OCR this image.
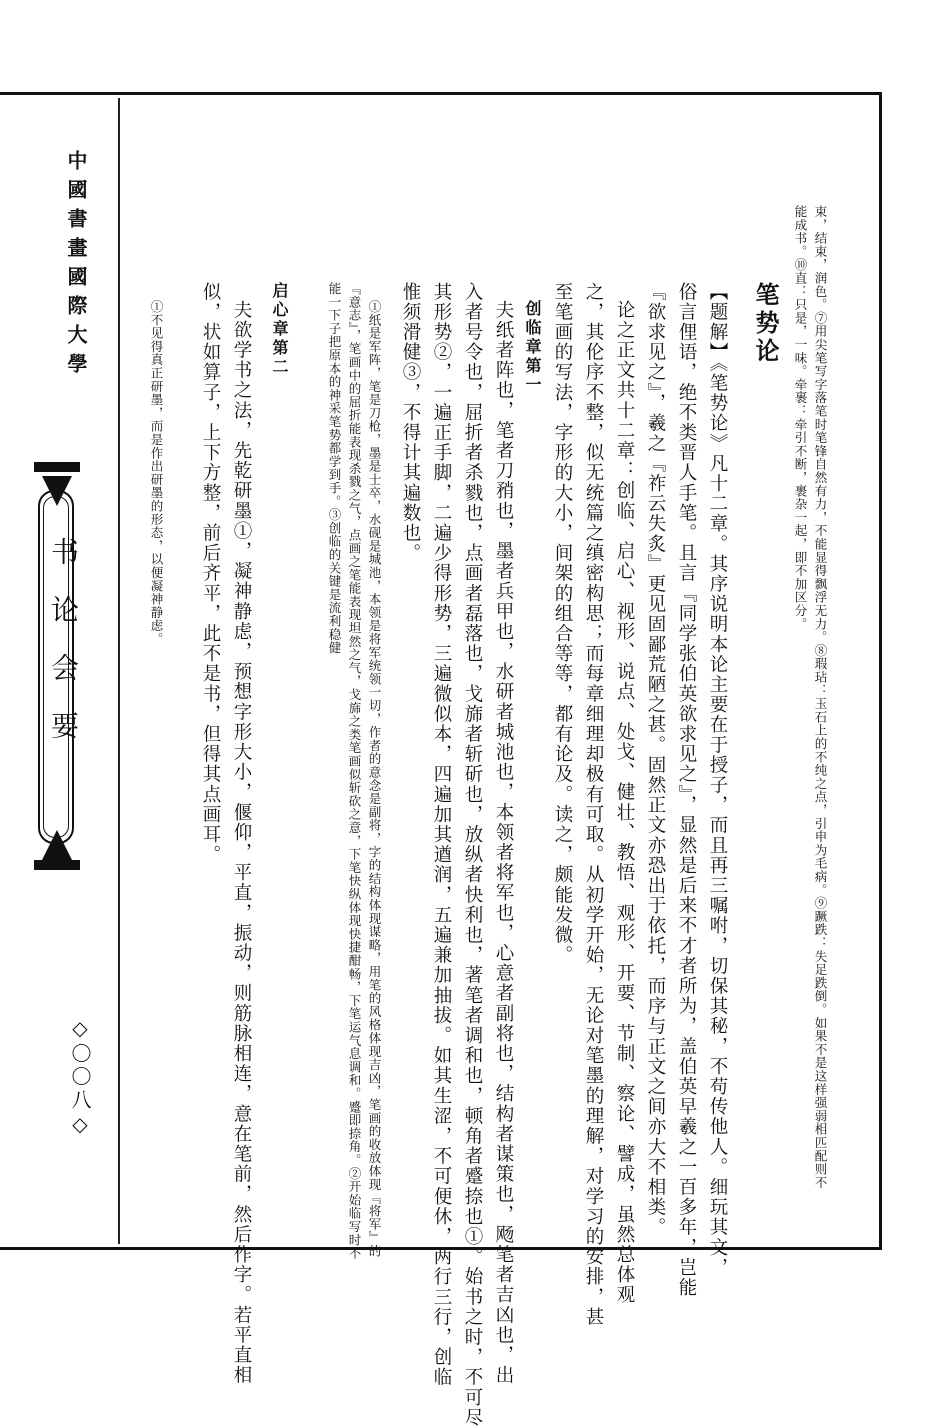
中國書畫國際大學
书论会要
◇〇〇八◇	束，结束，润色。⑦用尖笔写字落笔时笔锋自然有力，不能显得飘浮无力。⑧瑕玷：玉石上的不纯之点，引申为毛病。⑨蹶跌：失足跌倒。如果不是这样强弱相匹配则不
能成书。⑩直：只是，一味。牵裹：牵引不断，裹杂一起，即不加区分。
笔势论
【题解】《笔势论》凡十二章。其序说明本论主要在于授子，而且再三嘱咐，切保其秘，不苟传他人。细玩其文，
俗言俚语，绝不类晋人手笔。且言『同学张伯英欲求见之』，显然是后来不才者所为，盖伯英早羲之一百多年，岂能
『欲求见之』，羲之『祚云失炙』更见固鄙荒陋之甚。固然正文亦恐出于依托，而序与正文之间亦大不相类。
论之正文共十二章：创临、启心、视形、说点、处戈、健壮、教悟、观形、开要、节制、察论、譬成，虽然总体观
之，其伦序不整，似无统篇之缜密构思；而每章细理却极有可取。从初学开始，无论对笔墨的理解，对学习的安排，甚
至笔画的写法，字形的大小，间架的组合等等，都有论及。读之，颇能发微。
创临章第一
夫纸者阵也，笔者刀矟也，墨者兵甲也，水研者城池也，本领者将军也，心意者副将也，结构者谋策也，飏笔者吉凶也，出
入者号令也，屈折者杀戮也，点画者磊落也，戈旆者斩斫也，放纵者快利也，著笔者调和也，顿角者蹙捺也①。始书之时，不可尽
其形势②，一遍正手脚，二遍少得形势，三遍微似本，四遍加其遒润，五遍兼加抽拔。如其生涩，不可便休，两行三行，创临
惟须滑健③，不得计其遍数也。
①纸是军阵，笔是刀枪，墨是士卒，水砚是城池，本领是将军统领一切，作者的意念是副将，字的结构体现谋略，用笔的风格体现吉凶，笔画的收放体现『将军』的
『意志』，笔画中的屈折能表现杀戮之气，点画之笔能表现坦然之气，戈旆之类笔画似斩砍之意，下笔快纵体现快捷酣畅，下笔运气息调和。蹙即捺角。②开始临写时不
能一下子把原本的神采笔势都学到手。③创临的关键是流利稳健
启心章第二
夫欲学书之法，先乾研墨①，凝神静虑，预想字形大小，偃仰，平直，振动，则筋脉相连，意在笔前，然后作字。若平直相
似，状如算子，上下方整，前后齐平，此不是书，但得其点画耳。
①不见得真正研墨，而是作出研墨的形态，以便凝神静虑。
